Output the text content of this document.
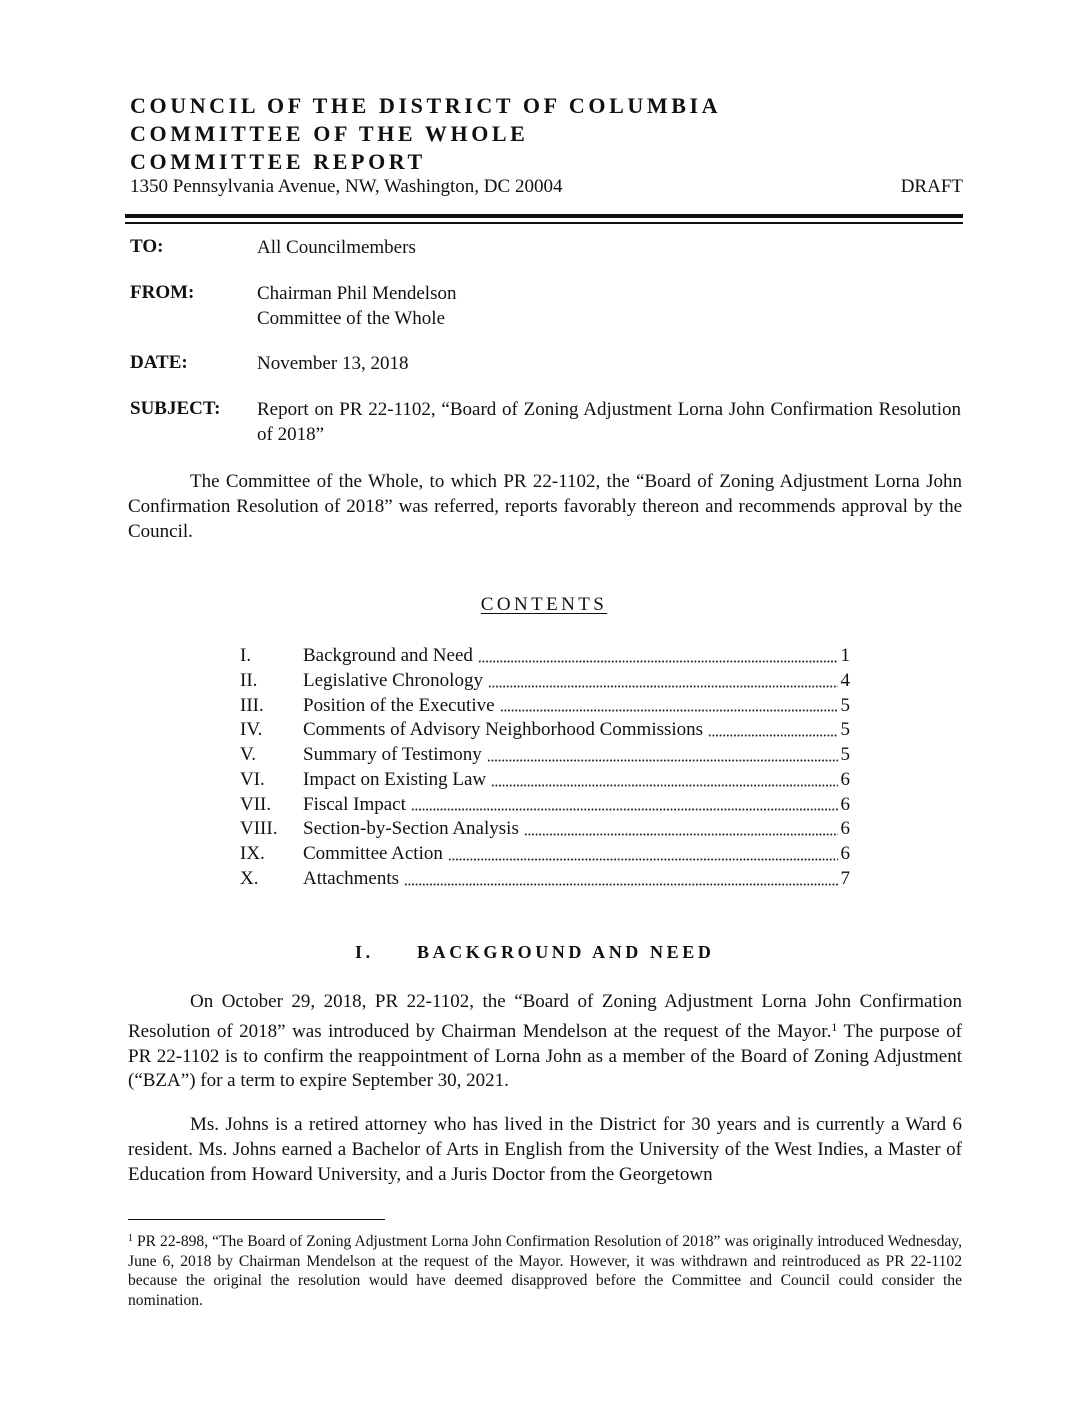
COUNCIL OF THE DISTRICT OF COLUMBIA
COMMITTEE OF THE WHOLE
COMMITTEE REPORT
1350 Pennsylvania Avenue, NW, Washington, DC 20004	DRAFT
TO:	All Councilmembers
FROM:	Chairman Phil Mendelson
Committee of the Whole
DATE:	November 13, 2018
SUBJECT: Report on PR 22-1102, “Board of Zoning Adjustment Lorna John Confirmation Resolution of 2018”
The Committee of the Whole, to which PR 22-1102, the “Board of Zoning Adjustment Lorna John Confirmation Resolution of 2018” was referred, reports favorably thereon and recommends approval by the Council.
CONTENTS
I.	Background and Need	1
II.	Legislative Chronology	4
III.	Position of the Executive	5
IV.	Comments of Advisory Neighborhood Commissions	5
V.	Summary of Testimony	5
VI.	Impact on Existing Law	6
VII.	Fiscal Impact	6
VIII.	Section-by-Section Analysis	6
IX.	Committee Action	6
X.	Attachments	7
I. BACKGROUND AND NEED
On October 29, 2018, PR 22-1102, the “Board of Zoning Adjustment Lorna John Confirmation Resolution of 2018” was introduced by Chairman Mendelson at the request of the Mayor.$^1$ The purpose of PR 22-1102 is to confirm the reappointment of Lorna John as a member of the Board of Zoning Adjustment (“BZA”) for a term to expire September 30, 2021.
Ms. Johns is a retired attorney who has lived in the District for 30 years and is currently a Ward 6 resident. Ms. Johns earned a Bachelor of Arts in English from the University of the West Indies, a Master of Education from Howard University, and a Juris Doctor from the Georgetown
$^1$ PR 22-898, “The Board of Zoning Adjustment Lorna John Confirmation Resolution of 2018” was originally introduced Wednesday, June 6, 2018 by Chairman Mendelson at the request of the Mayor. However, it was withdrawn and reintroduced as PR 22-1102 because the original the resolution would have deemed disapproved before the Committee and Council could consider the nomination.
